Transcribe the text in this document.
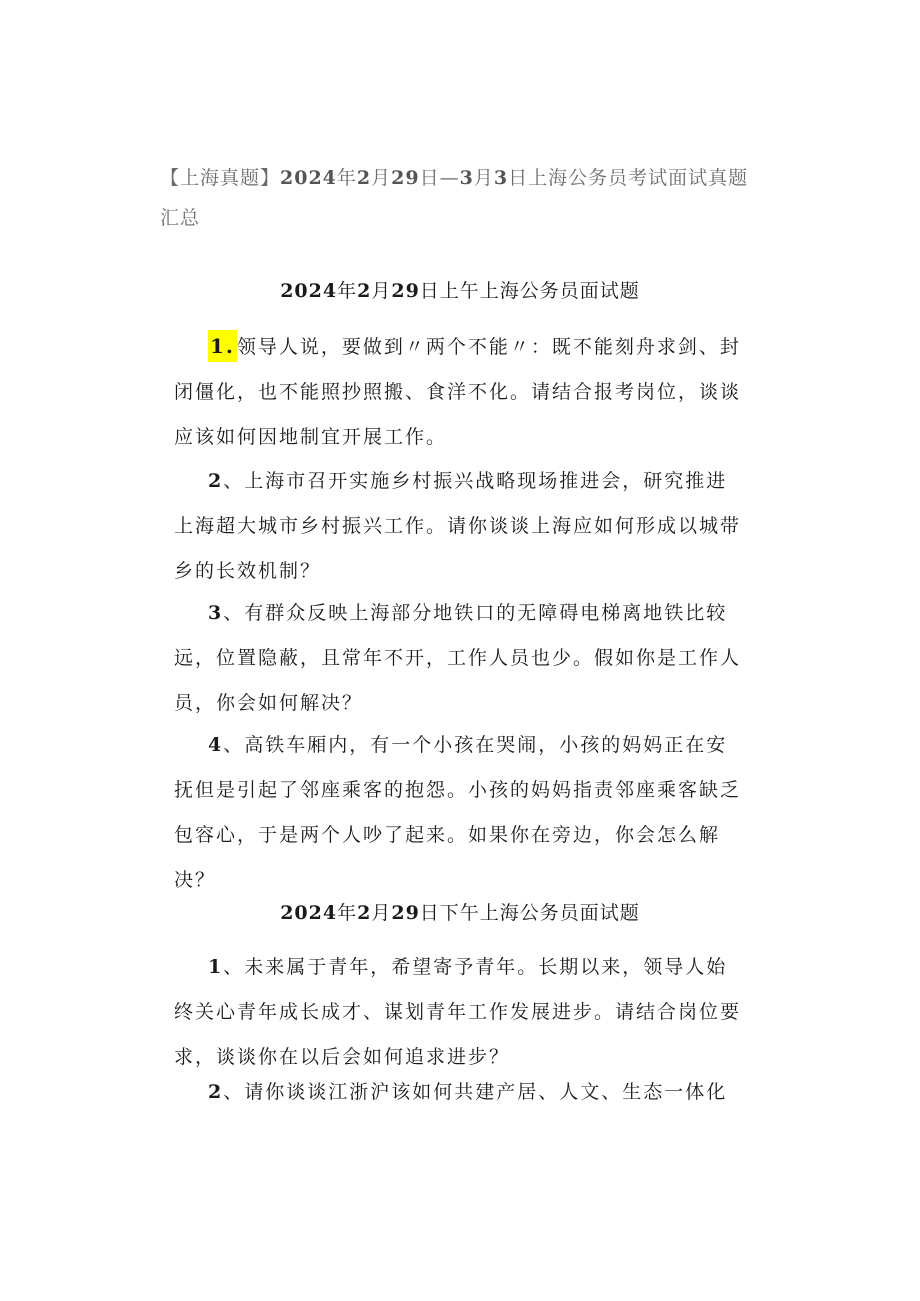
【上海真题】2024年2月29日—3月3日上海公务员考试面试真题汇总
2024年2月29日上午上海公务员面试题

1. 领导人说，要做到〃两个不能〃：既不能刻舟求剑、封闭僵化，也不能照抄照搬、食洋不化。请结合报考岗位，谈谈应该如何因地制宜开展工作。

2、上海市召开实施乡村振兴战略现场推进会，研究推进上海超大城市乡村振兴工作。请你谈谈上海应如何形成以城带乡的长效机制？

3、有群众反映上海部分地铁口的无障碍电梯离地铁比较远，位置隐蔽，且常年不开，工作人员也少。假如你是工作人员，你会如何解决？

4、高铁车厢内，有一个小孩在哭闹，小孩的妈妈正在安抚但是引起了邻座乘客的抱怨。小孩的妈妈指责邻座乘客缺乏包容心，于是两个人吵了起来。如果你在旁边，你会怎么解决？

2024年2月29日下午上海公务员面试题

1、未来属于青年，希望寄予青年。长期以来，领导人始终关心青年成长成才、谋划青年工作发展进步。请结合岗位要求，谈谈你在以后会如何追求进步？

2、请你谈谈江浙沪该如何共建产居、人文、生态一体化
